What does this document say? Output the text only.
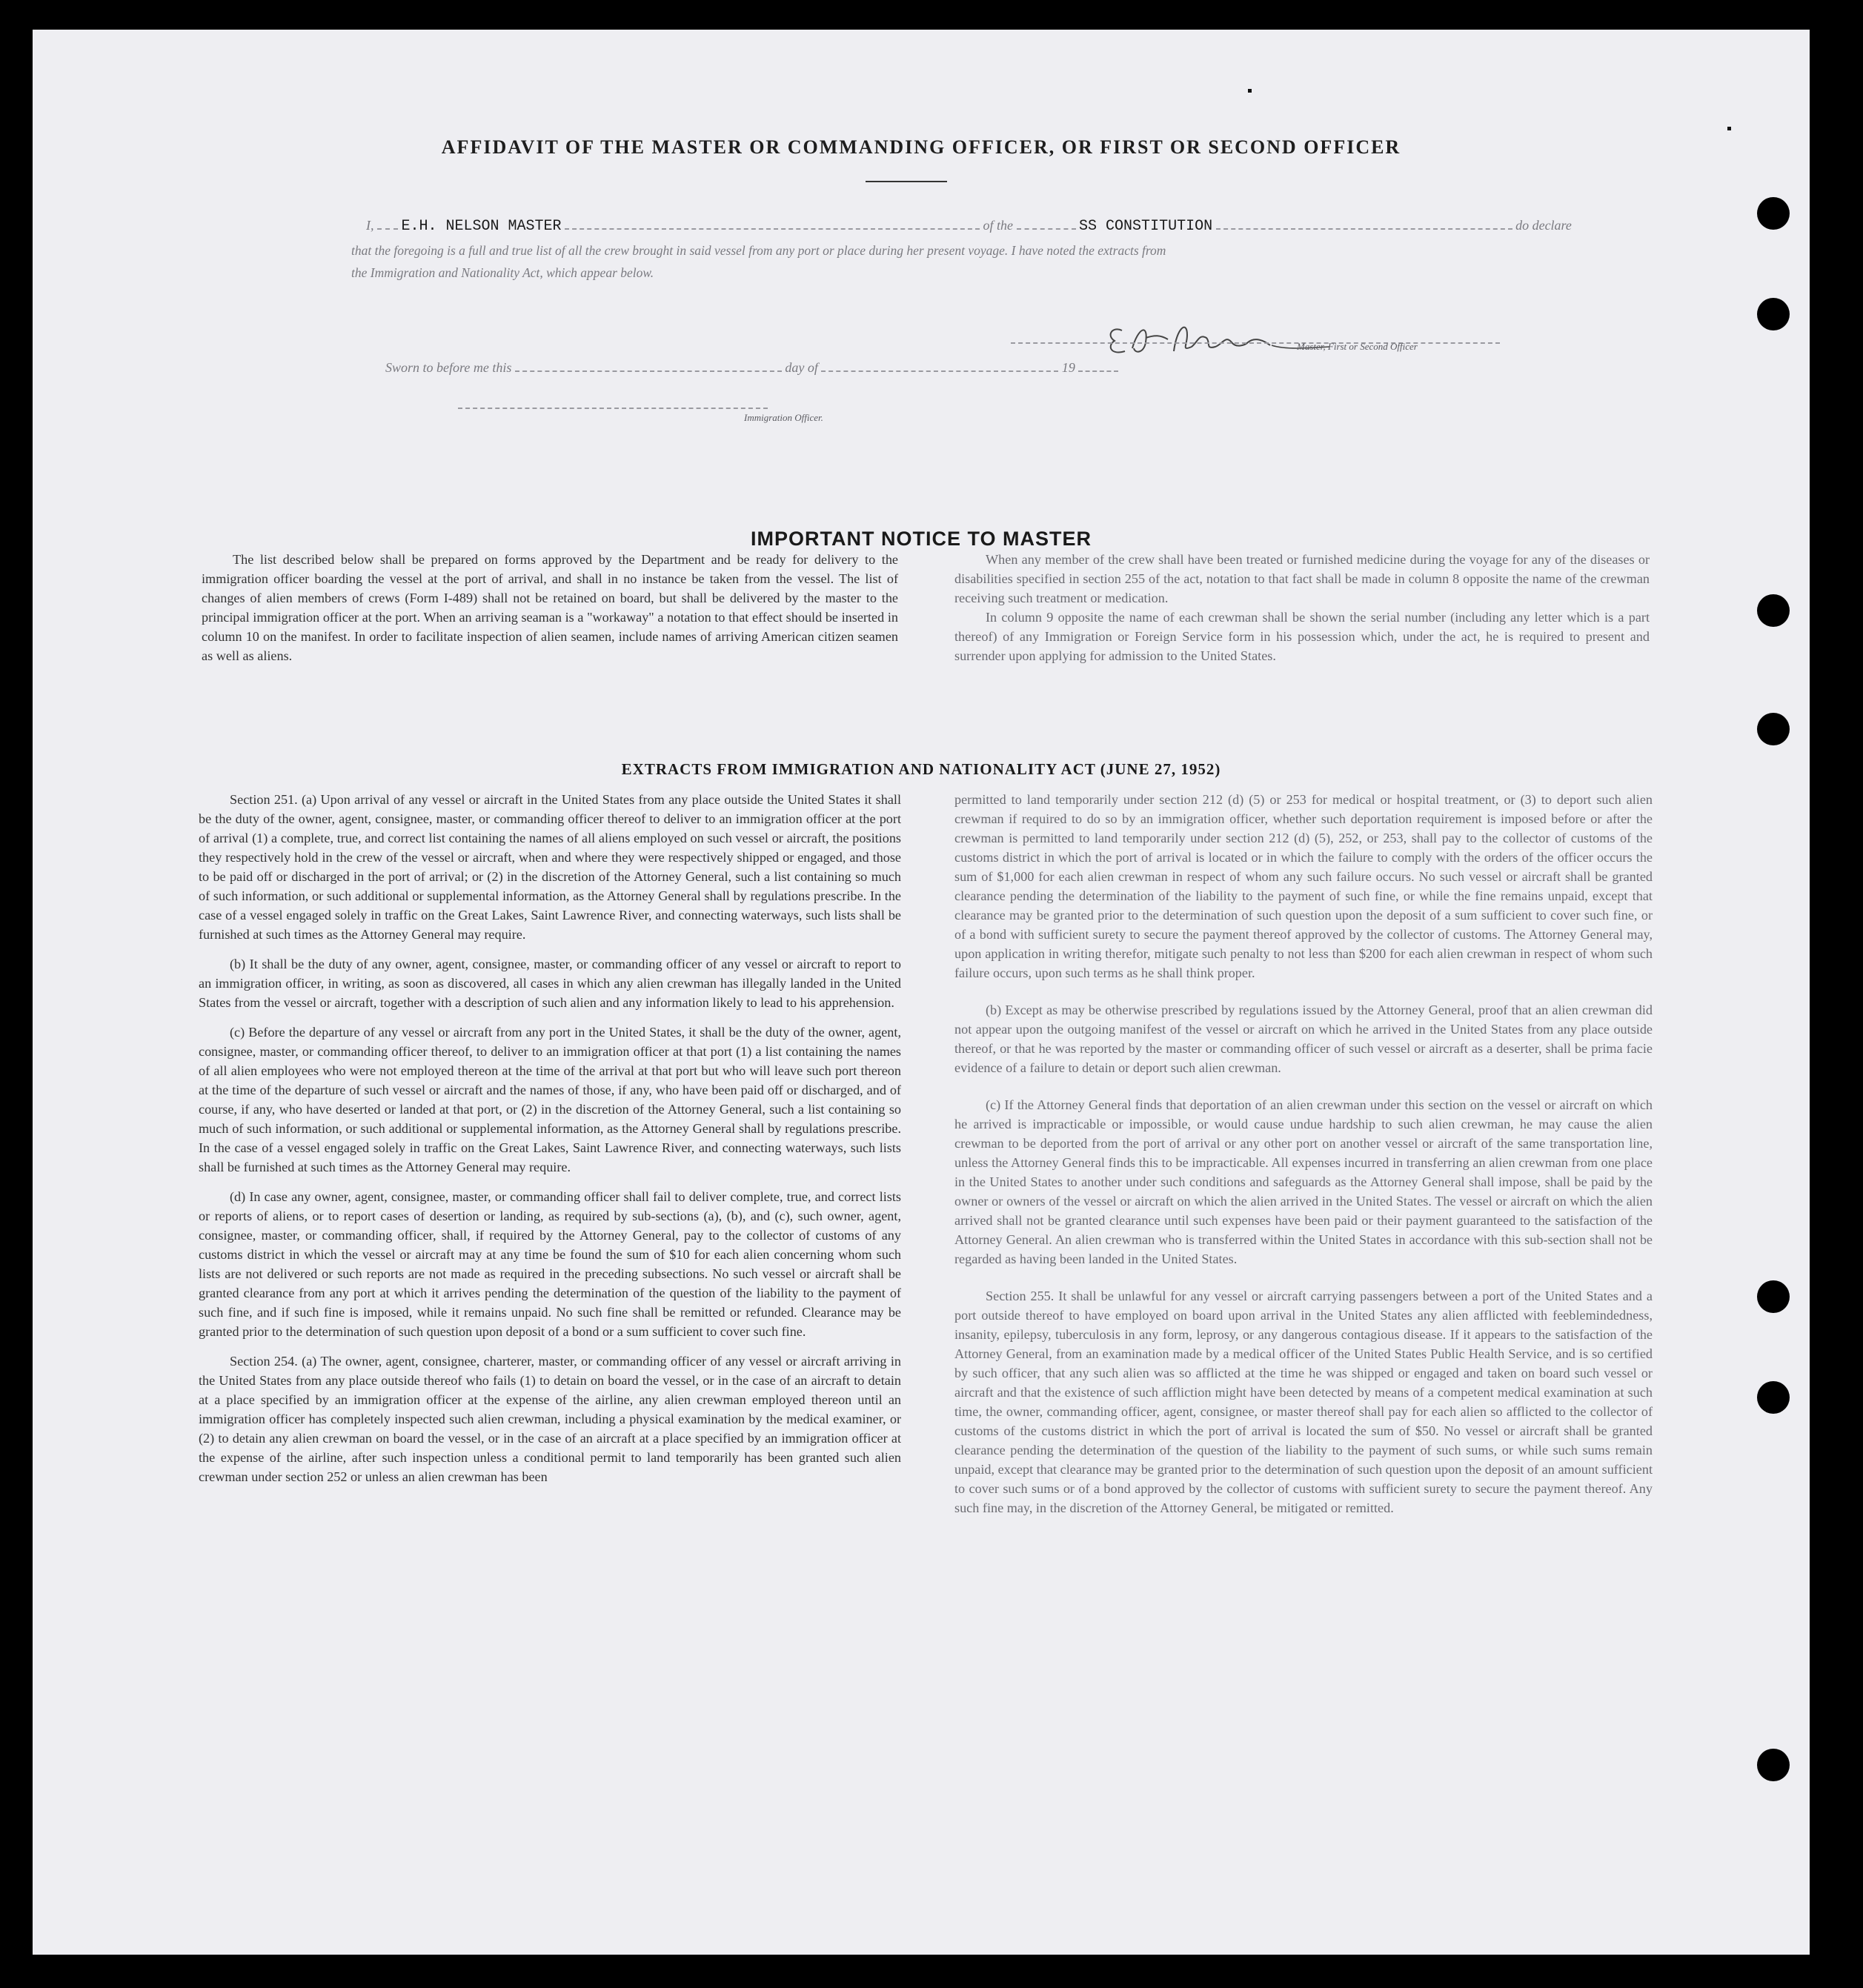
AFFIDAVIT OF THE MASTER OR COMMANDING OFFICER, OR FIRST OR SECOND OFFICER
I, E.H. NELSON MASTER	of the	SS CONSTITUTION	do declare
that the foregoing is a full and true list of all the crew brought in said vessel from any port or place during her present voyage. I have noted the extracts from
the Immigration and Nationality Act, which appear below.
Master, First or Second Officer
Sworn to before me this	day of	19
Immigration Officer.
IMPORTANT NOTICE TO MASTER

The list described below shall be prepared on forms approved by the Department and be ready for delivery to the immigration officer boarding the vessel at the port of arrival, and shall in no instance be taken from the vessel. The list of changes of alien members of crews (Form I-489) shall not be retained on board, but shall be delivered by the master to the principal immigration officer at the port. When an arriving seaman is a "workaway" a notation to that effect should be inserted in column 10 on the manifest. In order to facilitate inspection of alien seamen, include names of arriving American citizen seamen as well as aliens.

When any member of the crew shall have been treated or furnished medicine during the voyage for any of the diseases or disabilities specified in section 255 of the act, notation to that fact shall be made in column 8 opposite the name of the crewman receiving such treatment or medication.

In column 9 opposite the name of each crewman shall be shown the serial number (including any letter which is a part thereof) of any Immigration or Foreign Service form in his possession which, under the act, he is required to present and surrender upon applying for admission to the United States.

EXTRACTS FROM IMMIGRATION AND NATIONALITY ACT (JUNE 27, 1952)

Section 251. (a) Upon arrival of any vessel or aircraft in the United States from any place outside the United States it shall be the duty of the owner, agent, consignee, master, or commanding officer thereof to deliver to an immigration officer at the port of arrival (1) a complete, true, and correct list containing the names of all aliens employed on such vessel or aircraft, the positions they respectively hold in the crew of the vessel or aircraft, when and where they were respectively shipped or engaged, and those to be paid off or discharged in the port of arrival; or (2) in the discretion of the Attorney General, such a list containing so much of such information, or such additional or supplemental information, as the Attorney General shall by regulations prescribe. In the case of a vessel engaged solely in traffic on the Great Lakes, Saint Lawrence River, and connecting waterways, such lists shall be furnished at such times as the Attorney General may require.

(b) It shall be the duty of any owner, agent, consignee, master, or commanding officer of any vessel or aircraft to report to an immigration officer, in writing, as soon as discovered, all cases in which any alien crewman has illegally landed in the United States from the vessel or aircraft, together with a description of such alien and any information likely to lead to his apprehension.

(c) Before the departure of any vessel or aircraft from any port in the United States, it shall be the duty of the owner, agent, consignee, master, or commanding officer thereof, to deliver to an immigration officer at that port (1) a list containing the names of all alien employees who were not employed thereon at the time of the arrival at that port but who will leave such port thereon at the time of the departure of such vessel or aircraft and the names of those, if any, who have been paid off or discharged, and of course, if any, who have deserted or landed at that port, or (2) in the discretion of the Attorney General, such a list containing so much of such information, or such additional or supplemental information, as the Attorney General shall by regulations prescribe. In the case of a vessel engaged solely in traffic on the Great Lakes, Saint Lawrence River, and connecting waterways, such lists shall be furnished at such times as the Attorney General may require.

(d) In case any owner, agent, consignee, master, or commanding officer shall fail to deliver complete, true, and correct lists or reports of aliens, or to report cases of desertion or landing, as required by sub-sections (a), (b), and (c), such owner, agent, consignee, master, or commanding officer, shall, if required by the Attorney General, pay to the collector of customs of any customs district in which the vessel or aircraft may at any time be found the sum of $10 for each alien concerning whom such lists are not delivered or such reports are not made as required in the preceding subsections. No such vessel or aircraft shall be granted clearance from any port at which it arrives pending the determination of the question of the liability to the payment of such fine, and if such fine is imposed, while it remains unpaid. No such fine shall be remitted or refunded. Clearance may be granted prior to the determination of such question upon deposit of a bond or a sum sufficient to cover such fine.

Section 254. (a) The owner, agent, consignee, charterer, master, or commanding officer of any vessel or aircraft arriving in the United States from any place outside thereof who fails (1) to detain on board the vessel, or in the case of an aircraft to detain at a place specified by an immigration officer at the expense of the airline, any alien crewman employed thereon until an immigration officer has completely inspected such alien crewman, including a physical examination by the medical examiner, or (2) to detain any alien crewman on board the vessel, or in the case of an aircraft at a place specified by an immigration officer at the expense of the airline, after such inspection unless a conditional permit to land temporarily has been granted such alien crewman under section 252 or unless an alien crewman has been

permitted to land temporarily under section 212 (d) (5) or 253 for medical or hospital treatment, or (3) to deport such alien crewman if required to do so by an immigration officer, whether such deportation requirement is imposed before or after the crewman is permitted to land temporarily under section 212 (d) (5), 252, or 253, shall pay to the collector of customs of the customs district in which the port of arrival is located or in which the failure to comply with the orders of the officer occurs the sum of $1,000 for each alien crewman in respect of whom any such failure occurs. No such vessel or aircraft shall be granted clearance pending the determination of the liability to the payment of such fine, or while the fine remains unpaid, except that clearance may be granted prior to the determination of such question upon the deposit of a sum sufficient to cover such fine, or of a bond with sufficient surety to secure the payment thereof approved by the collector of customs. The Attorney General may, upon application in writing therefor, mitigate such penalty to not less than $200 for each alien crewman in respect of whom such failure occurs, upon such terms as he shall think proper.

(b) Except as may be otherwise prescribed by regulations issued by the Attorney General, proof that an alien crewman did not appear upon the outgoing manifest of the vessel or aircraft on which he arrived in the United States from any place outside thereof, or that he was reported by the master or commanding officer of such vessel or aircraft as a deserter, shall be prima facie evidence of a failure to detain or deport such alien crewman.

(c) If the Attorney General finds that deportation of an alien crewman under this section on the vessel or aircraft on which he arrived is impracticable or impossible, or would cause undue hardship to such alien crewman, he may cause the alien crewman to be deported from the port of arrival or any other port on another vessel or aircraft of the same transportation line, unless the Attorney General finds this to be impracticable. All expenses incurred in transferring an alien crewman from one place in the United States to another under such conditions and safeguards as the Attorney General shall impose, shall be paid by the owner or owners of the vessel or aircraft on which the alien arrived in the United States. The vessel or aircraft on which the alien arrived shall not be granted clearance until such expenses have been paid or their payment guaranteed to the satisfaction of the Attorney General. An alien crewman who is transferred within the United States in accordance with this sub-section shall not be regarded as having been landed in the United States.

Section 255. It shall be unlawful for any vessel or aircraft carrying passengers between a port of the United States and a port outside thereof to have employed on board upon arrival in the United States any alien afflicted with feeblemindedness, insanity, epilepsy, tuberculosis in any form, leprosy, or any dangerous contagious disease. If it appears to the satisfaction of the Attorney General, from an examination made by a medical officer of the United States Public Health Service, and is so certified by such officer, that any such alien was so afflicted at the time he was shipped or engaged and taken on board such vessel or aircraft and that the existence of such affliction might have been detected by means of a competent medical examination at such time, the owner, commanding officer, agent, consignee, or master thereof shall pay for each alien so afflicted to the collector of customs of the customs district in which the port of arrival is located the sum of $50. No vessel or aircraft shall be granted clearance pending the determination of the question of the liability to the payment of such sums, or while such sums remain unpaid, except that clearance may be granted prior to the determination of such question upon the deposit of an amount sufficient to cover such sums or of a bond approved by the collector of customs with sufficient surety to secure the payment thereof. Any such fine may, in the discretion of the Attorney General, be mitigated or remitted.
